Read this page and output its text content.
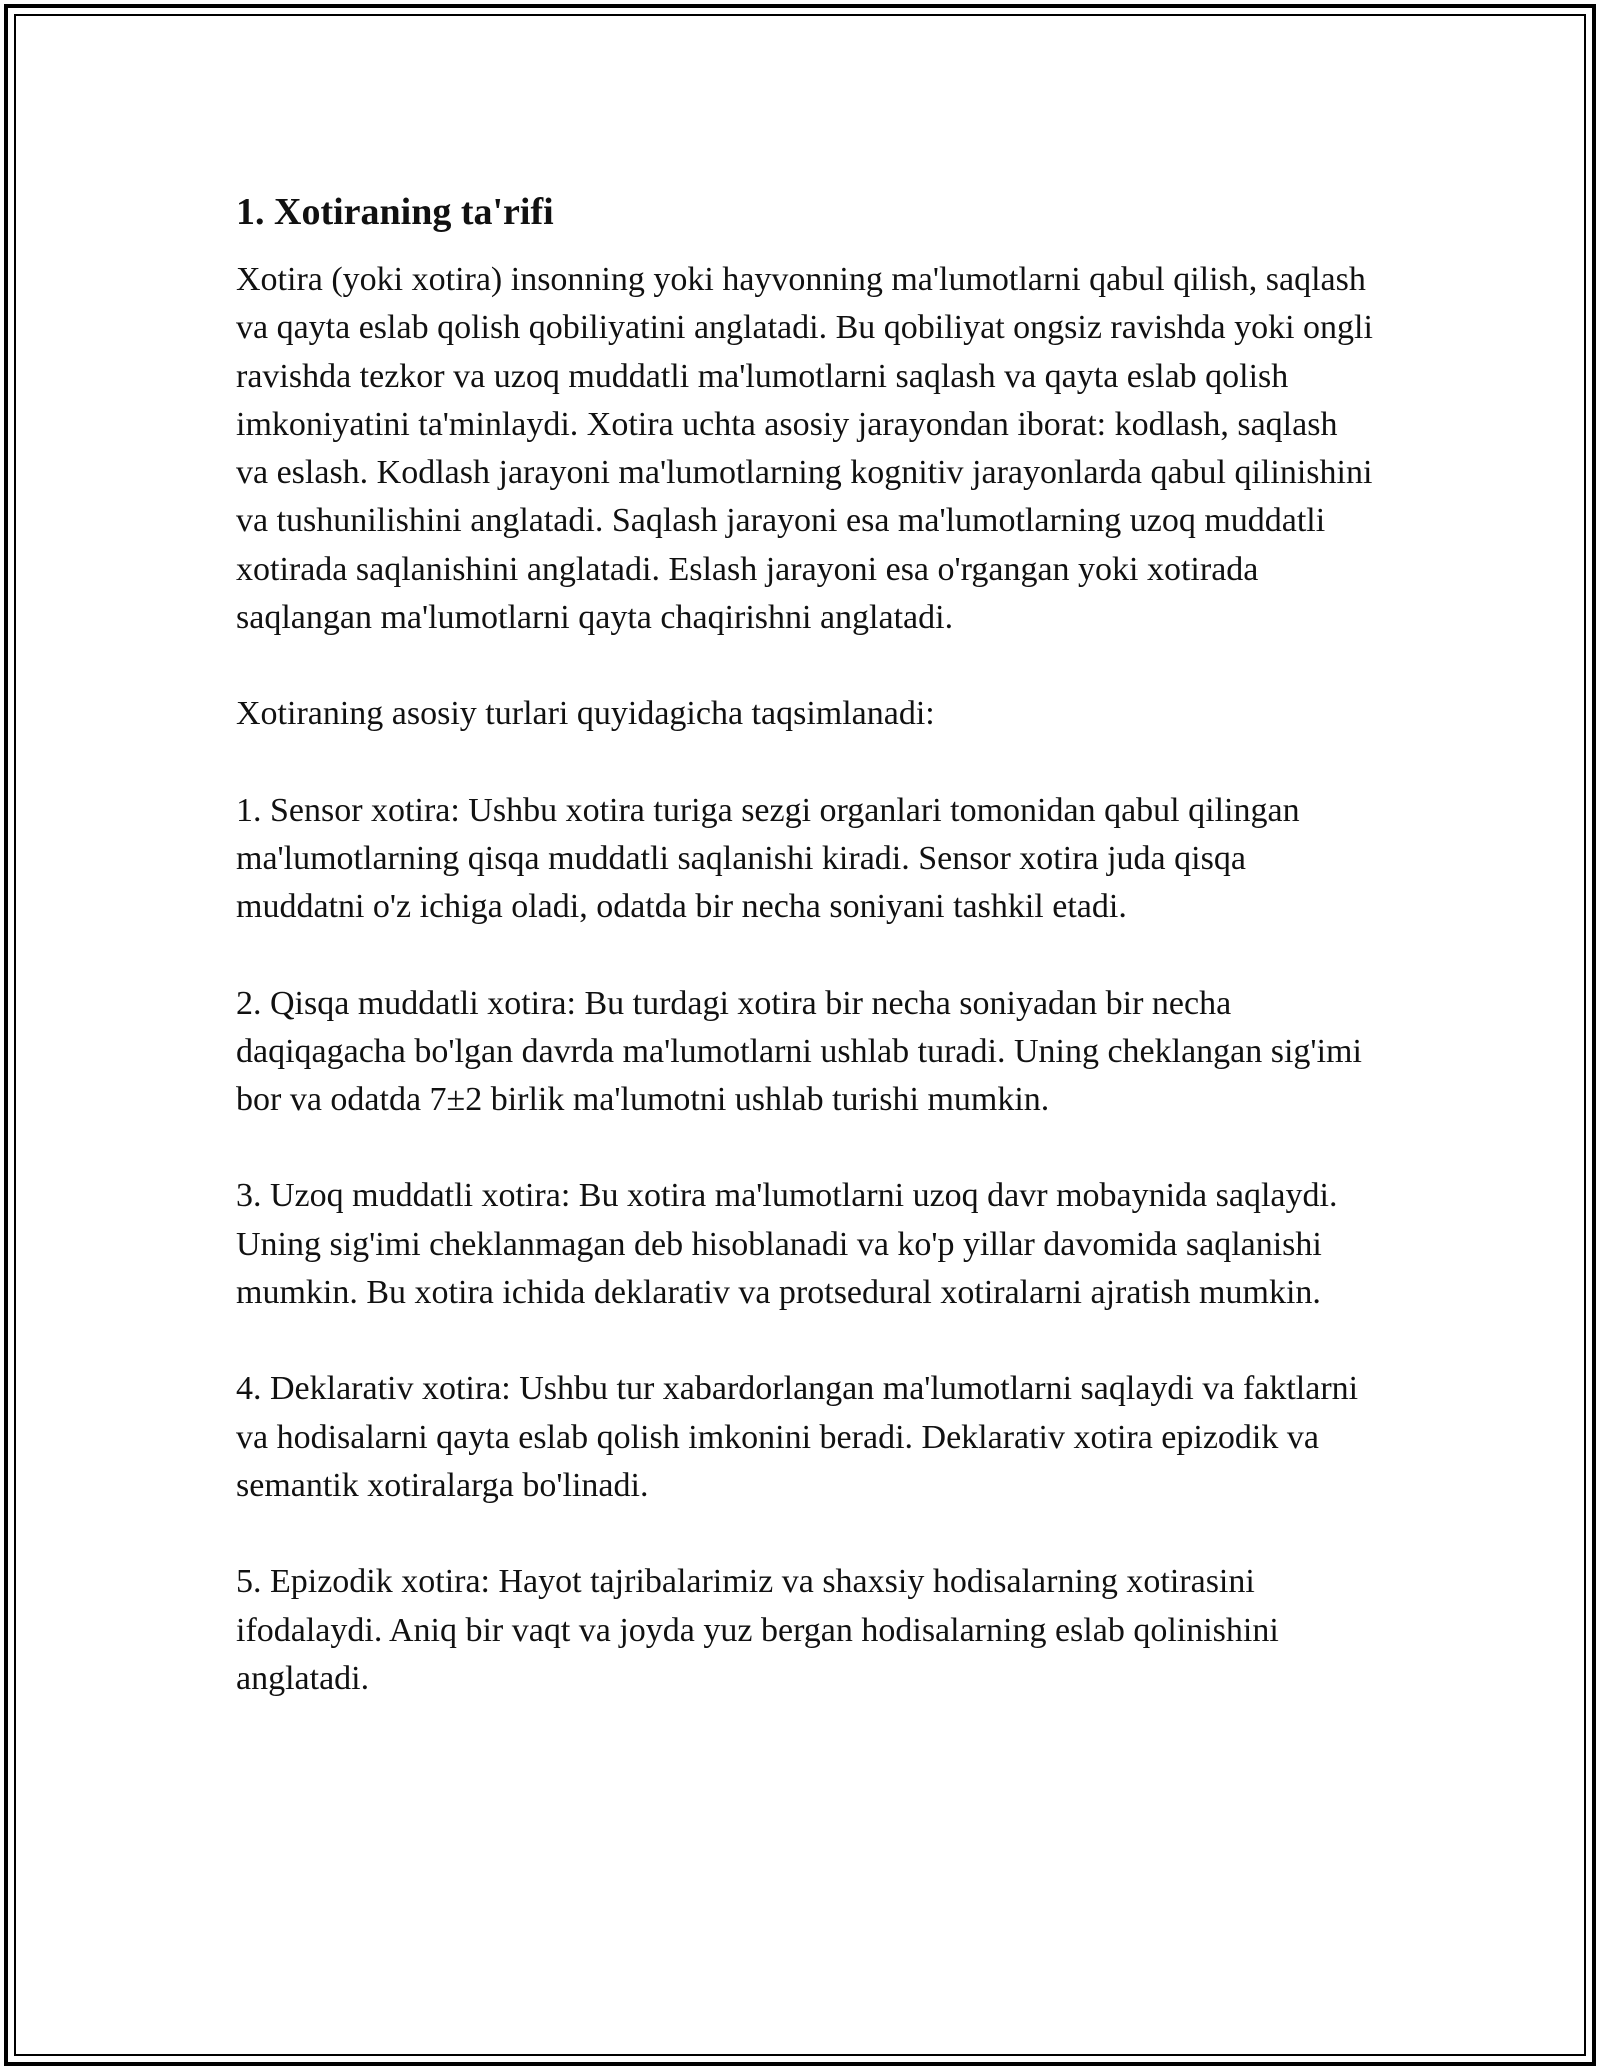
1. Xotiraning ta'rifi

Xotira (yoki xotira) insonning yoki hayvonning ma'lumotlarni qabul qilish, saqlash va qayta eslab qolish qobiliyatini anglatadi. Bu qobiliyat ongsiz ravishda yoki ongli ravishda tezkor va uzoq muddatli ma'lumotlarni saqlash va qayta eslab qolish imkoniyatini ta'minlaydi. Xotira uchta asosiy jarayondan iborat: kodlash, saqlash va eslash. Kodlash jarayoni ma'lumotlarning kognitiv jarayonlarda qabul qilinishini va tushunilishini anglatadi. Saqlash jarayoni esa ma'lumotlarning uzoq muddatli xotirada saqlanishini anglatadi. Eslash jarayoni esa o'rgangan yoki xotirada saqlangan ma'lumotlarni qayta chaqirishni anglatadi.

Xotiraning asosiy turlari quyidagicha taqsimlanadi:

1. Sensor xotira: Ushbu xotira turiga sezgi organlari tomonidan qabul qilingan ma'lumotlarning qisqa muddatli saqlanishi kiradi. Sensor xotira juda qisqa muddatni o'z ichiga oladi, odatda bir necha soniyani tashkil etadi.

2. Qisqa muddatli xotira: Bu turdagi xotira bir necha soniyadan bir necha daqiqagacha bo'lgan davrda ma'lumotlarni ushlab turadi. Uning cheklangan sig'imi bor va odatda 7±2 birlik ma'lumotni ushlab turishi mumkin.

3. Uzoq muddatli xotira: Bu xotira ma'lumotlarni uzoq davr mobaynida saqlaydi. Uning sig'imi cheklanmagan deb hisoblanadi va ko'p yillar davomida saqlanishi mumkin. Bu xotira ichida deklarativ va protsedural xotiralarni ajratish mumkin.

4. Deklarativ xotira: Ushbu tur xabardorlangan ma'lumotlarni saqlaydi va faktlarni va hodisalarni qayta eslab qolish imkonini beradi. Deklarativ xotira epizodik va semantik xotiralarga bo'linadi.

5. Epizodik xotira: Hayot tajribalarimiz va shaxsiy hodisalarning xotirasini ifodalaydi. Aniq bir vaqt va joyda yuz bergan hodisalarning eslab qolinishini anglatadi.
